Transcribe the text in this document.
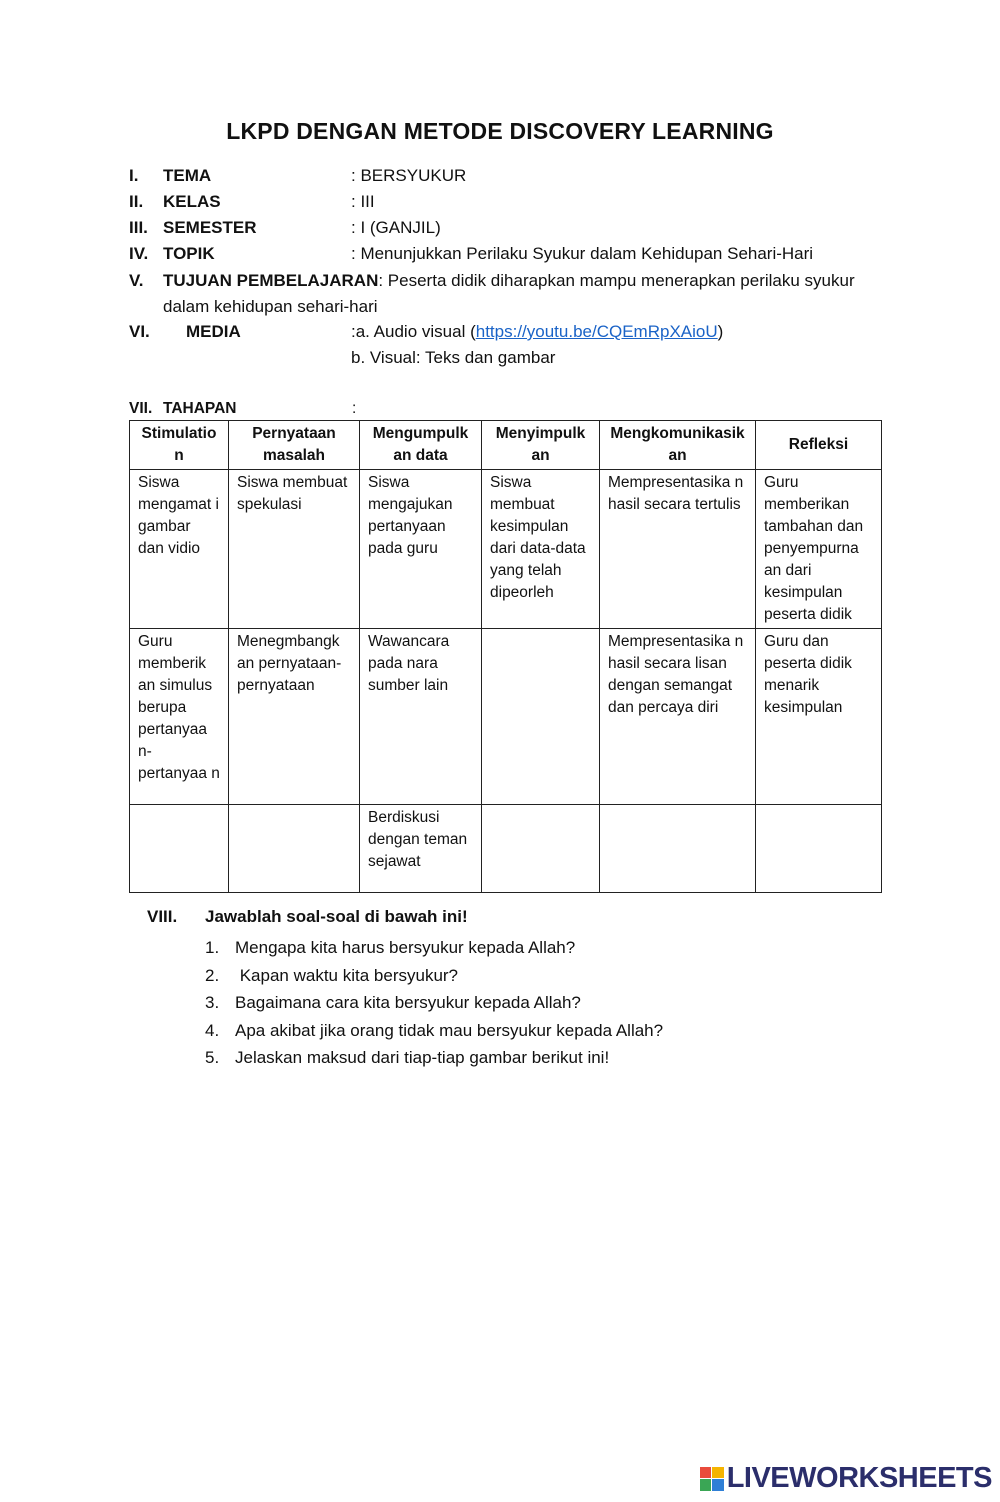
LKPD DENGAN METODE DISCOVERY LEARNING
I. TEMA	: BERSYUKUR
II. KELAS	: III
III. SEMESTER	: I (GANJIL)
IV. TOPIK	: Menunjukkan Perilaku Syukur dalam Kehidupan Sehari-Hari
V. TUJUAN PEMBELAJARAN: Peserta didik diharapkan mampu menerapkan perilaku syukur
dalam kehidupan sehari-hari
VI. MEDIA	:a. Audio visual (https://youtu.be/CQEmRpXAioU)
b. Visual: Teks dan gambar
VII. TAHAPAN	:
Stimulatio n	Pernyataan masalah	Mengumpulk an data	Menyimpulk an	Mengkomunikasik an	Refleksi
Siswa mengamat i gambar dan vidio	Siswa membuat spekulasi	Siswa mengajukan pertanyaan pada guru	Siswa membuat kesimpulan dari data-data yang telah dipeorleh	Mempresentasika n hasil secara tertulis	Guru memberikan tambahan dan penyempurna an dari kesimpulan peserta didik
Guru memberik an simulus berupa pertanyaa n-pertanyaa n	Menegmbangk an pernyataan-pernyataan	Wawancara pada nara sumber lain		Mempresentasika n hasil secara lisan dengan semangat dan percaya diri	Guru dan peserta didik menarik kesimpulan
		Berdiskusi dengan teman sejawat			
VIII. Jawablah soal-soal di bawah ini!
1. Mengapa kita harus bersyukur kepada Allah?
2. Kapan waktu kita bersyukur?
3. Bagaimana cara kita bersyukur kepada Allah?
4. Apa akibat jika orang tidak mau bersyukur kepada Allah?
5. Jelaskan maksud dari tiap-tiap gambar berikut ini!
LIVEWORKSHEETS
